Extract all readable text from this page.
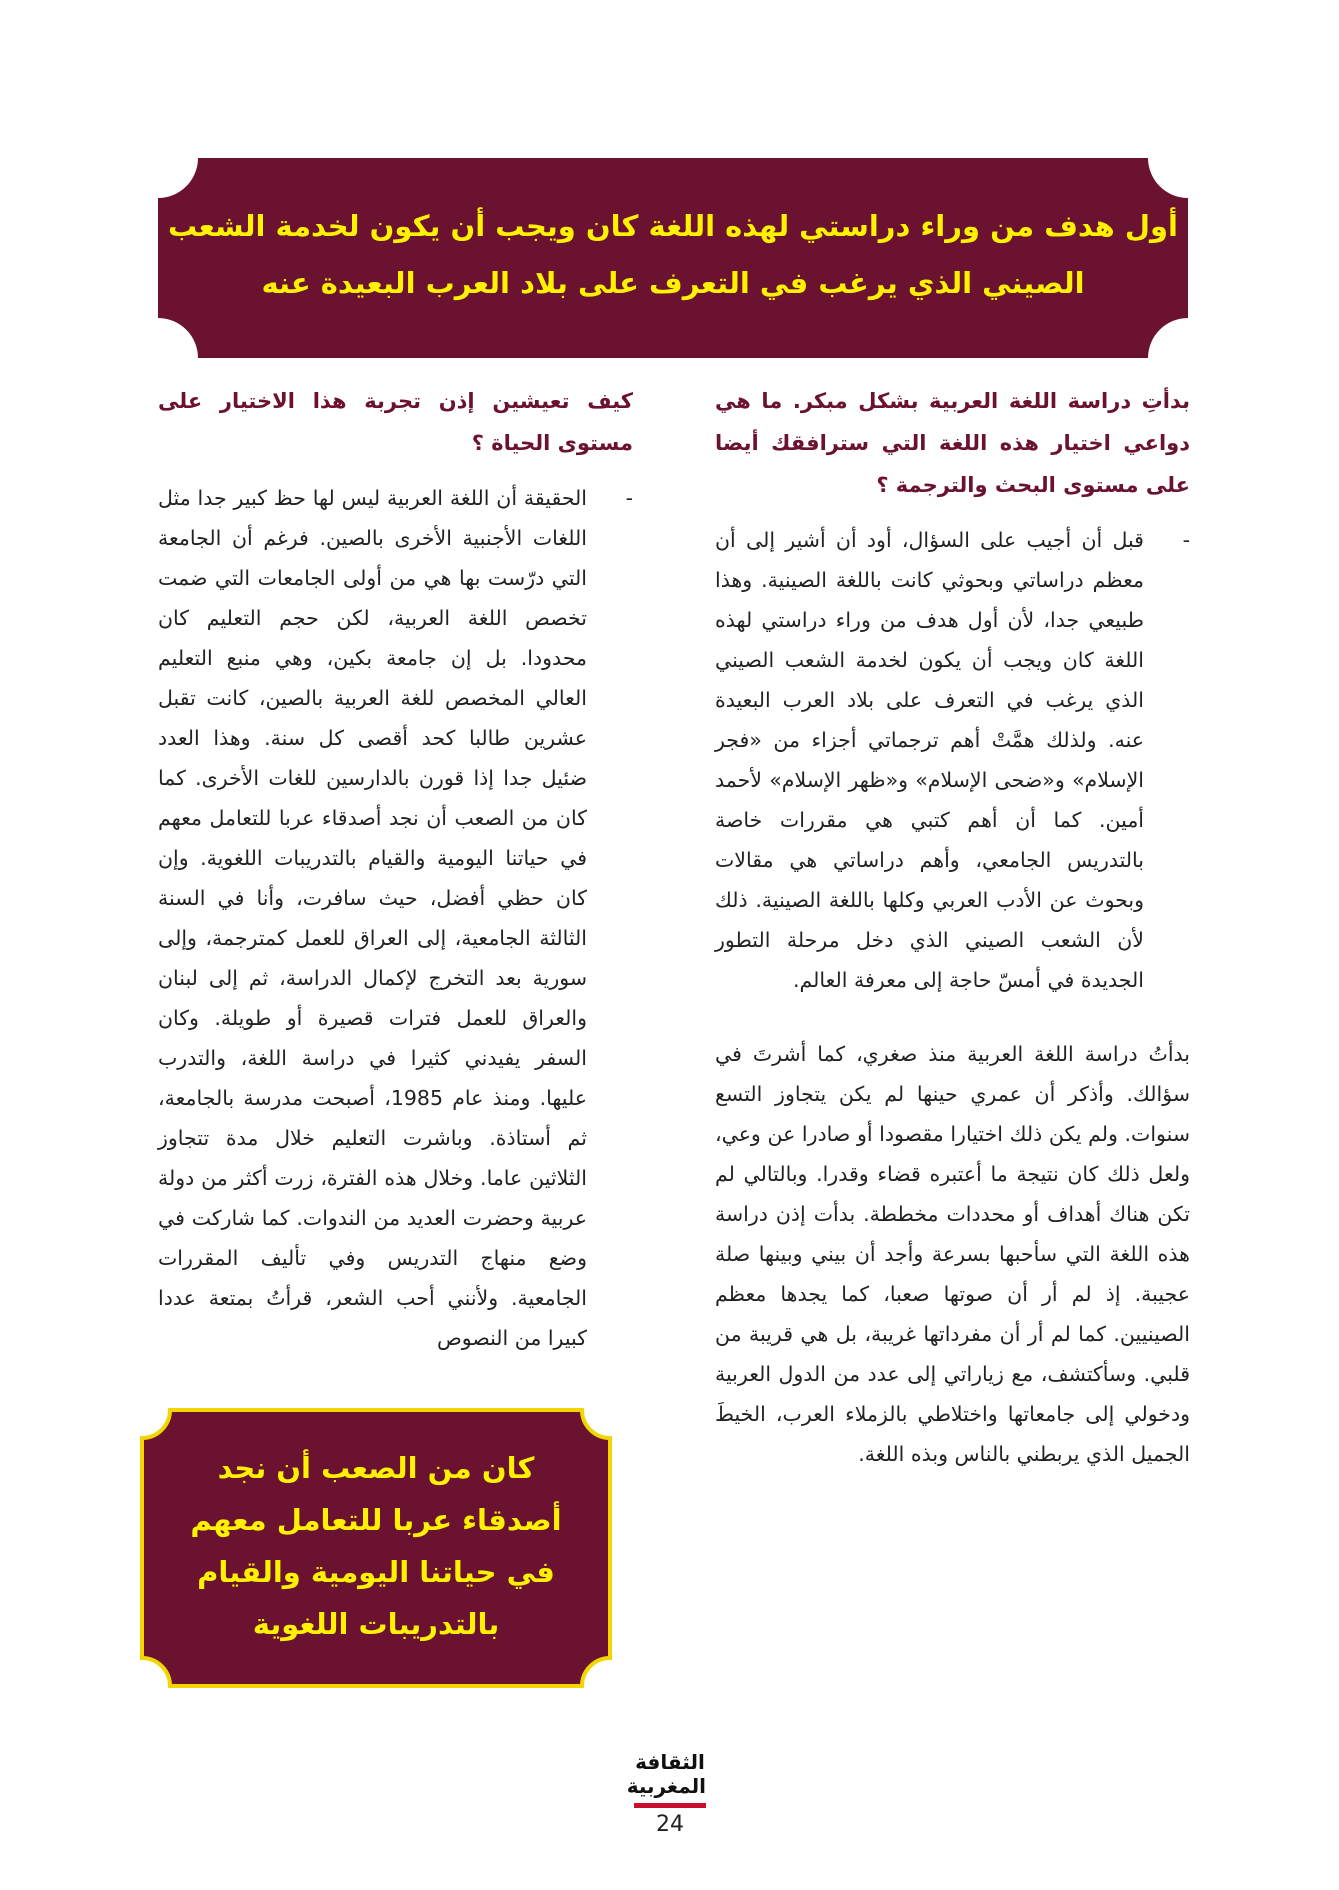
أول هدف من وراء دراستي لهذه اللغة كان ويجب أن يكون لخدمة الشعب الصيني الذي يرغب في التعرف على بلاد العرب البعيدة عنه

بدأتِ دراسة اللغة العربية بشكل مبكر. ما هي دواعي اختيار هذه اللغة التي سترافقك أيضا على مستوى البحث والترجمة ؟

-
قبل أن أجيب على السؤال، أود أن أشير إلى أن معظم دراساتي وبحوثي كانت باللغة الصينية. وهذا طبيعي جدا، لأن أول هدف من وراء دراستي لهذه اللغة كان ويجب أن يكون لخدمة الشعب الصيني الذي يرغب في التعرف على بلاد العرب البعيدة عنه. ولذلك همَّتْ أهم ترجماتي أجزاء من «فجر الإسلام» و«ضحى الإسلام» و«ظهر الإسلام» لأحمد أمين. كما أن أهم كتبي هي مقررات خاصة بالتدريس الجامعي، وأهم دراساتي هي مقالات وبحوث عن الأدب العربي وكلها باللغة الصينية. ذلك لأن الشعب الصيني الذي دخل مرحلة التطور الجديدة في أمسّ حاجة إلى معرفة العالم.

بدأتُ دراسة اللغة العربية منذ صغري، كما أشرتَ في سؤالك. وأذكر أن عمري حينها لم يكن يتجاوز التسع سنوات. ولم يكن ذلك اختيارا مقصودا أو صادرا عن وعي، ولعل ذلك كان نتيجة ما أعتبره قضاء وقدرا. وبالتالي لم تكن هناك أهداف أو محددات مخططة. بدأت إذن دراسة هذه اللغة التي سأحبها بسرعة وأجد أن بيني وبينها صلة عجيبة. إذ لم أر أن صوتها صعبا، كما يجدها معظم الصينيين. كما لم أر أن مفرداتها غريبة، بل هي قريبة من قلبي. وسأكتشف، مع زياراتي إلى عدد من الدول العربية ودخولي إلى جامعاتها واختلاطي بالزملاء العرب، الخيطَ الجميل الذي يربطني بالناس وبذه اللغة.

كيف تعيشين إذن تجربة هذا الاختيار على مستوى الحياة ؟

-
الحقيقة أن اللغة العربية ليس لها حظ كبير جدا مثل اللغات الأجنبية الأخرى بالصين. فرغم أن الجامعة التي درّست بها هي من أولى الجامعات التي ضمت تخصص اللغة العربية، لكن حجم التعليم كان محدودا. بل إن جامعة بكين، وهي منبع التعليم العالي المخصص للغة العربية بالصين، كانت تقبل عشرين طالبا كحد أقصى كل سنة. وهذا العدد ضئيل جدا إذا قورن بالدارسين للغات الأخرى. كما كان من الصعب أن نجد أصدقاء عربا للتعامل معهم في حياتنا اليومية والقيام بالتدريبات اللغوية. وإن كان حظي أفضل، حيث سافرت، وأنا في السنة الثالثة الجامعية، إلى العراق للعمل كمترجمة، وإلى سورية بعد التخرج لإكمال الدراسة، ثم إلى لبنان والعراق للعمل فترات قصيرة أو طويلة. وكان السفر يفيدني كثيرا في دراسة اللغة، والتدرب عليها. ومنذ عام 1985، أصبحت مدرسة بالجامعة، ثم أستاذة. وباشرت التعليم خلال مدة تتجاوز الثلاثين عاما. وخلال هذه الفترة، زرت أكثر من دولة عربية وحضرت العديد من الندوات. كما شاركت في وضع منهاج التدريس وفي تأليف المقررات الجامعية. ولأنني أحب الشعر، قرأتُ بمتعة عددا كبيرا من النصوص

كان من الصعب أن نجد أصدقاء عربا للتعامل معهم في حياتنا اليومية والقيام بالتدريبات اللغوية
الثقافة
المغربية
24
